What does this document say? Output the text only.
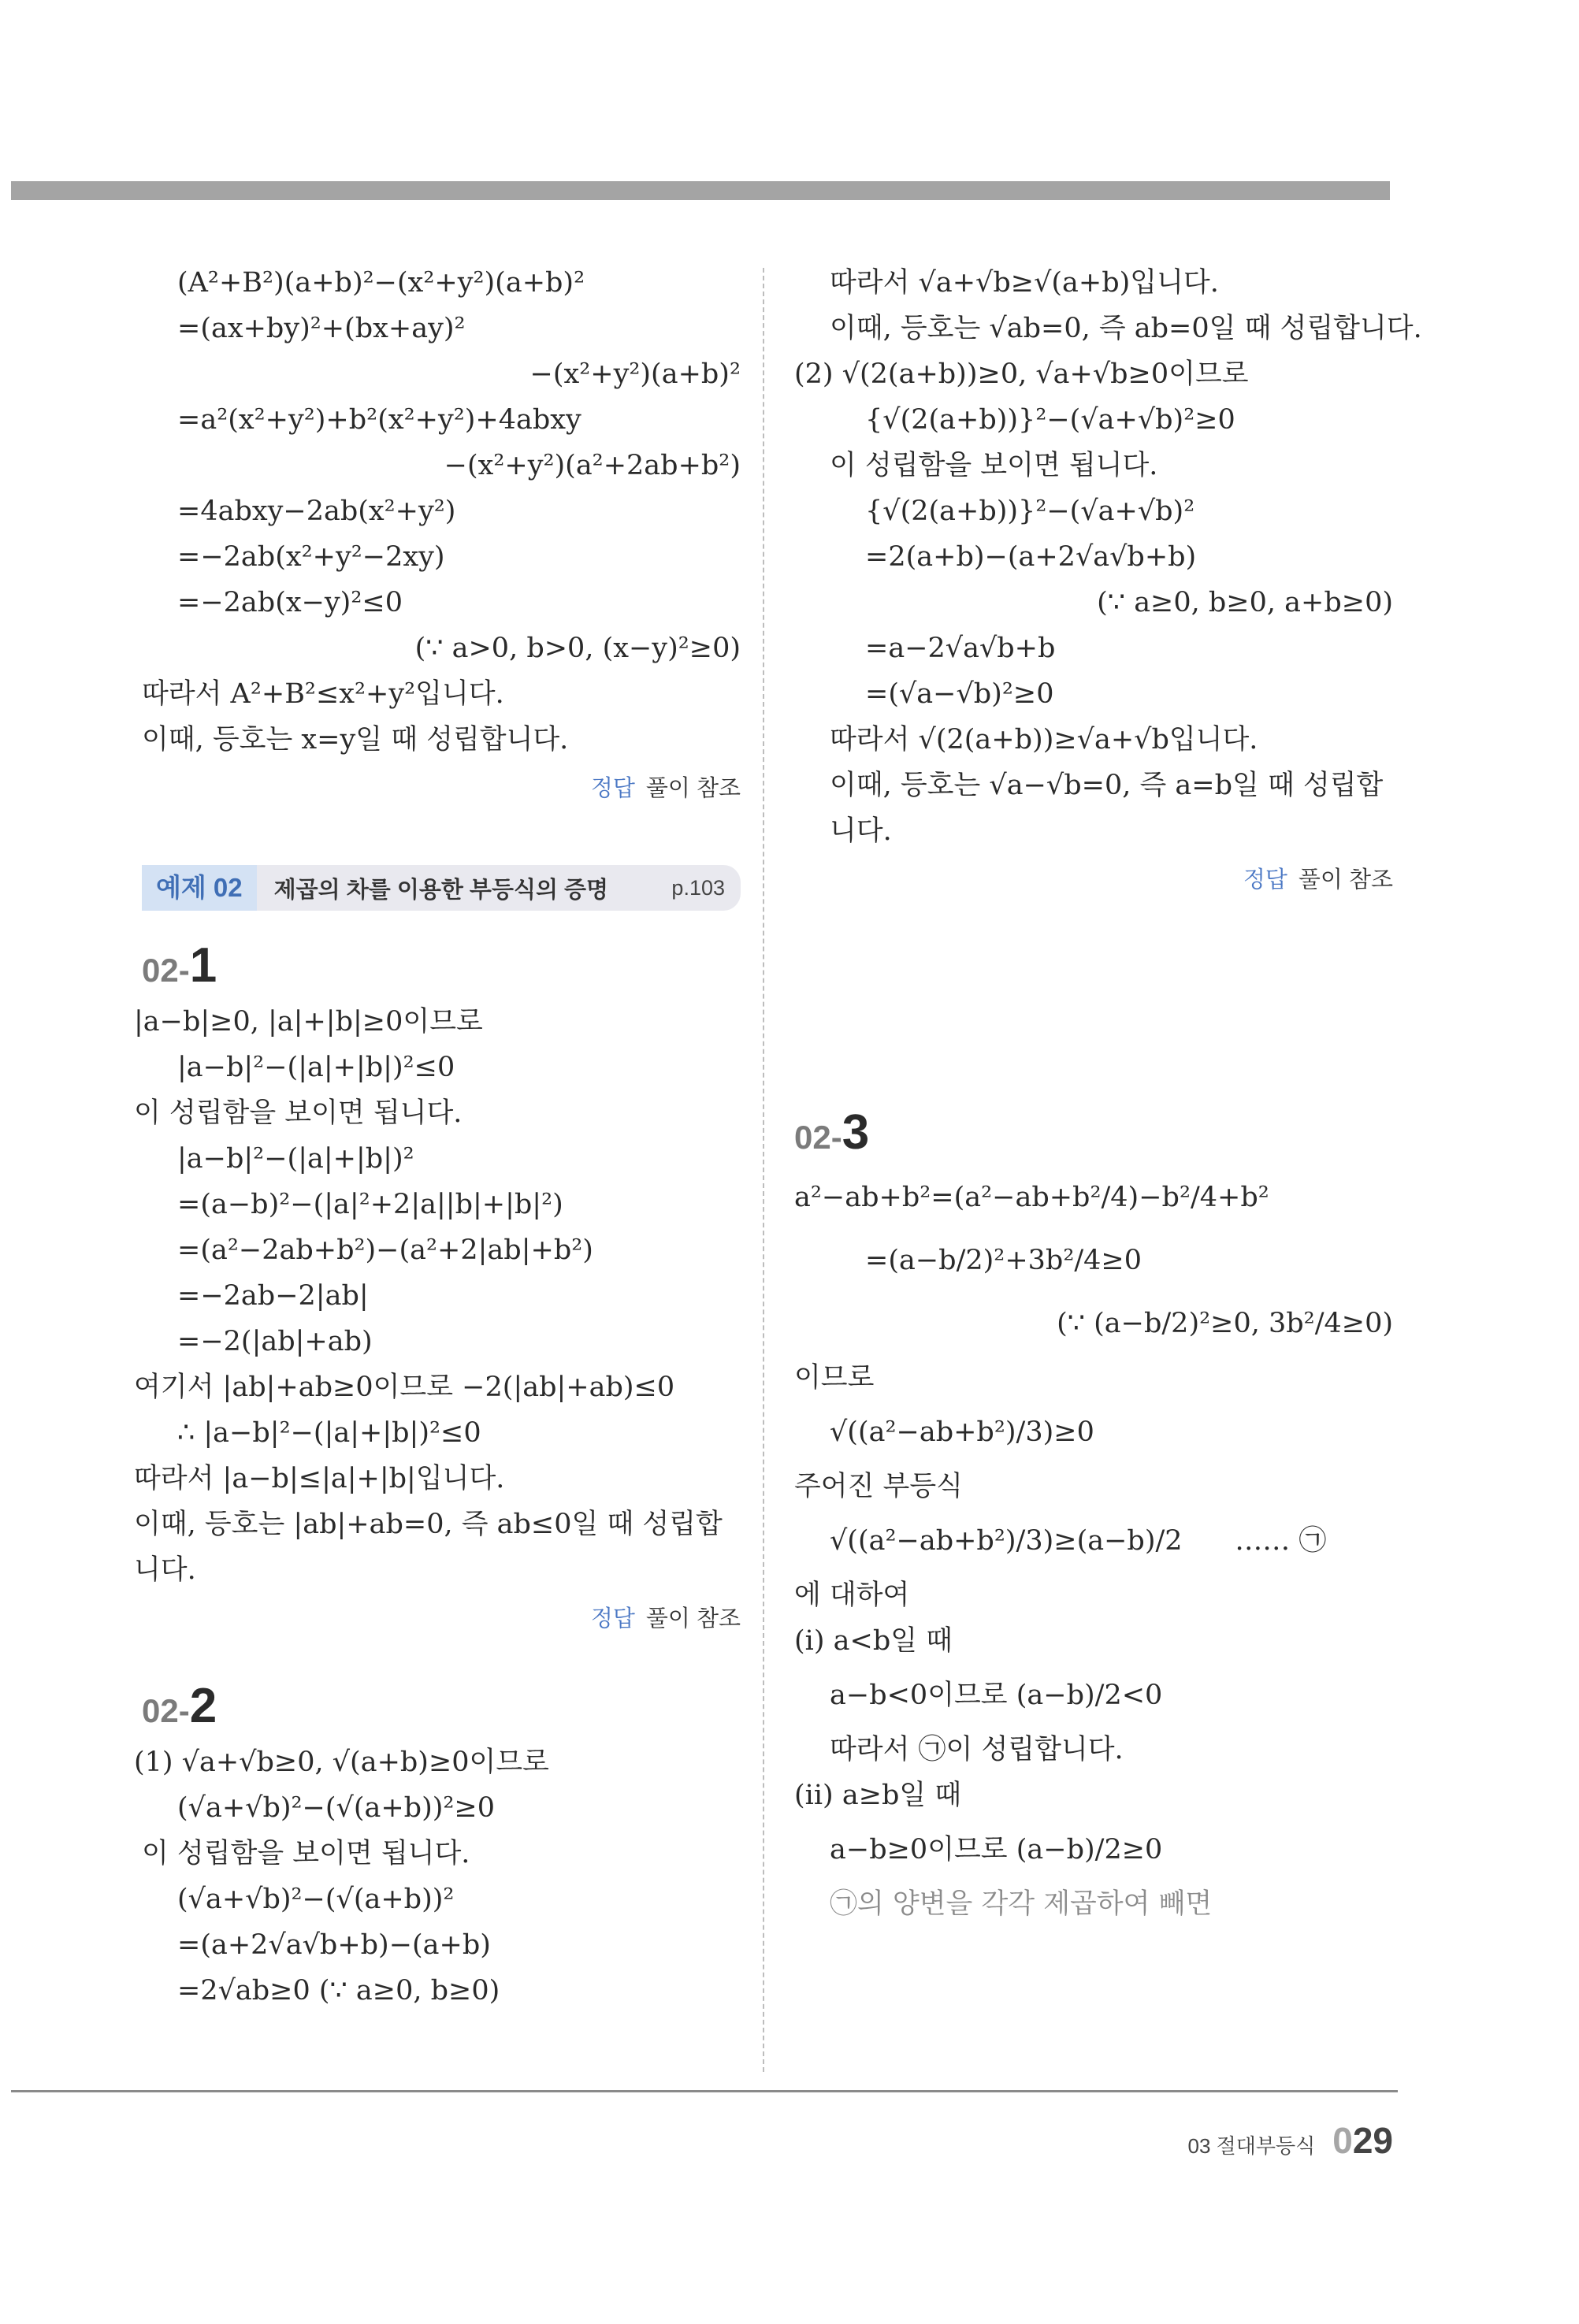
(A²+B²)(a+b)²−(x²+y²)(a+b)²
=(ax+by)²+(bx+ay)²
−(x²+y²)(a+b)²
=a²(x²+y²)+b²(x²+y²)+4abxy
−(x²+y²)(a²+2ab+b²)
=4abxy−2ab(x²+y²)
=−2ab(x²+y²−2xy)
=−2ab(x−y)²≤0
(∵ a>0, b>0, (x−y)²≥0)
따라서 A²+B²≤x²+y²입니다.
이때, 등호는 x=y일 때 성립합니다.
정답 풀이 참조
예제 02	제곱의 차를 이용한 부등식의 증명	p.103
02-1
|a−b|≥0, |a|+|b|≥0이므로
|a−b|²−(|a|+|b|)²≤0
이 성립함을 보이면 됩니다.
|a−b|²−(|a|+|b|)²
=(a−b)²−(|a|²+2|a||b|+|b|²)
=(a²−2ab+b²)−(a²+2|ab|+b²)
=−2ab−2|ab|
=−2(|ab|+ab)
여기서 |ab|+ab≥0이므로 −2(|ab|+ab)≤0
∴ |a−b|²−(|a|+|b|)²≤0
따라서 |a−b|≤|a|+|b|입니다.
이때, 등호는 |ab|+ab=0, 즉 ab≤0일 때 성립합
니다.
정답 풀이 참조
02-2
(1) √a+√b≥0, √(a+b)≥0이므로
(√a+√b)²−(√(a+b))²≥0
이 성립함을 보이면 됩니다.
(√a+√b)²−(√(a+b))²
=(a+2√a√b+b)−(a+b)
=2√ab≥0 (∵ a≥0, b≥0)
따라서 √a+√b≥√(a+b)입니다.
이때, 등호는 √ab=0, 즉 ab=0일 때 성립합니다.
(2) √(2(a+b))≥0, √a+√b≥0이므로
{√(2(a+b))}²−(√a+√b)²≥0
이 성립함을 보이면 됩니다.
{√(2(a+b))}²−(√a+√b)²
=2(a+b)−(a+2√a√b+b)
(∵ a≥0, b≥0, a+b≥0)
=a−2√a√b+b
=(√a−√b)²≥0
따라서 √(2(a+b))≥√a+√b입니다.
이때, 등호는 √a−√b=0, 즉 a=b일 때 성립합
니다.
정답 풀이 참조
02-3
a²−ab+b²=(a²−ab+b²/4)−b²/4+b²
=(a−b/2)²+3b²/4≥0
(∵ (a−b/2)²≥0, 3b²/4≥0)
이므로
√((a²−ab+b²)/3)≥0
주어진 부등식
√((a²−ab+b²)/3)≥(a−b)/2      …… ㉠
에 대하여
(i) a<b일 때
a−b<0이므로 (a−b)/2<0
따라서 ㉠이 성립합니다.
(ii) a≥b일 때
a−b≥0이므로 (a−b)/2≥0
㉠의 양변을 각각 제곱하여 빼면
03 절대부등식 029
